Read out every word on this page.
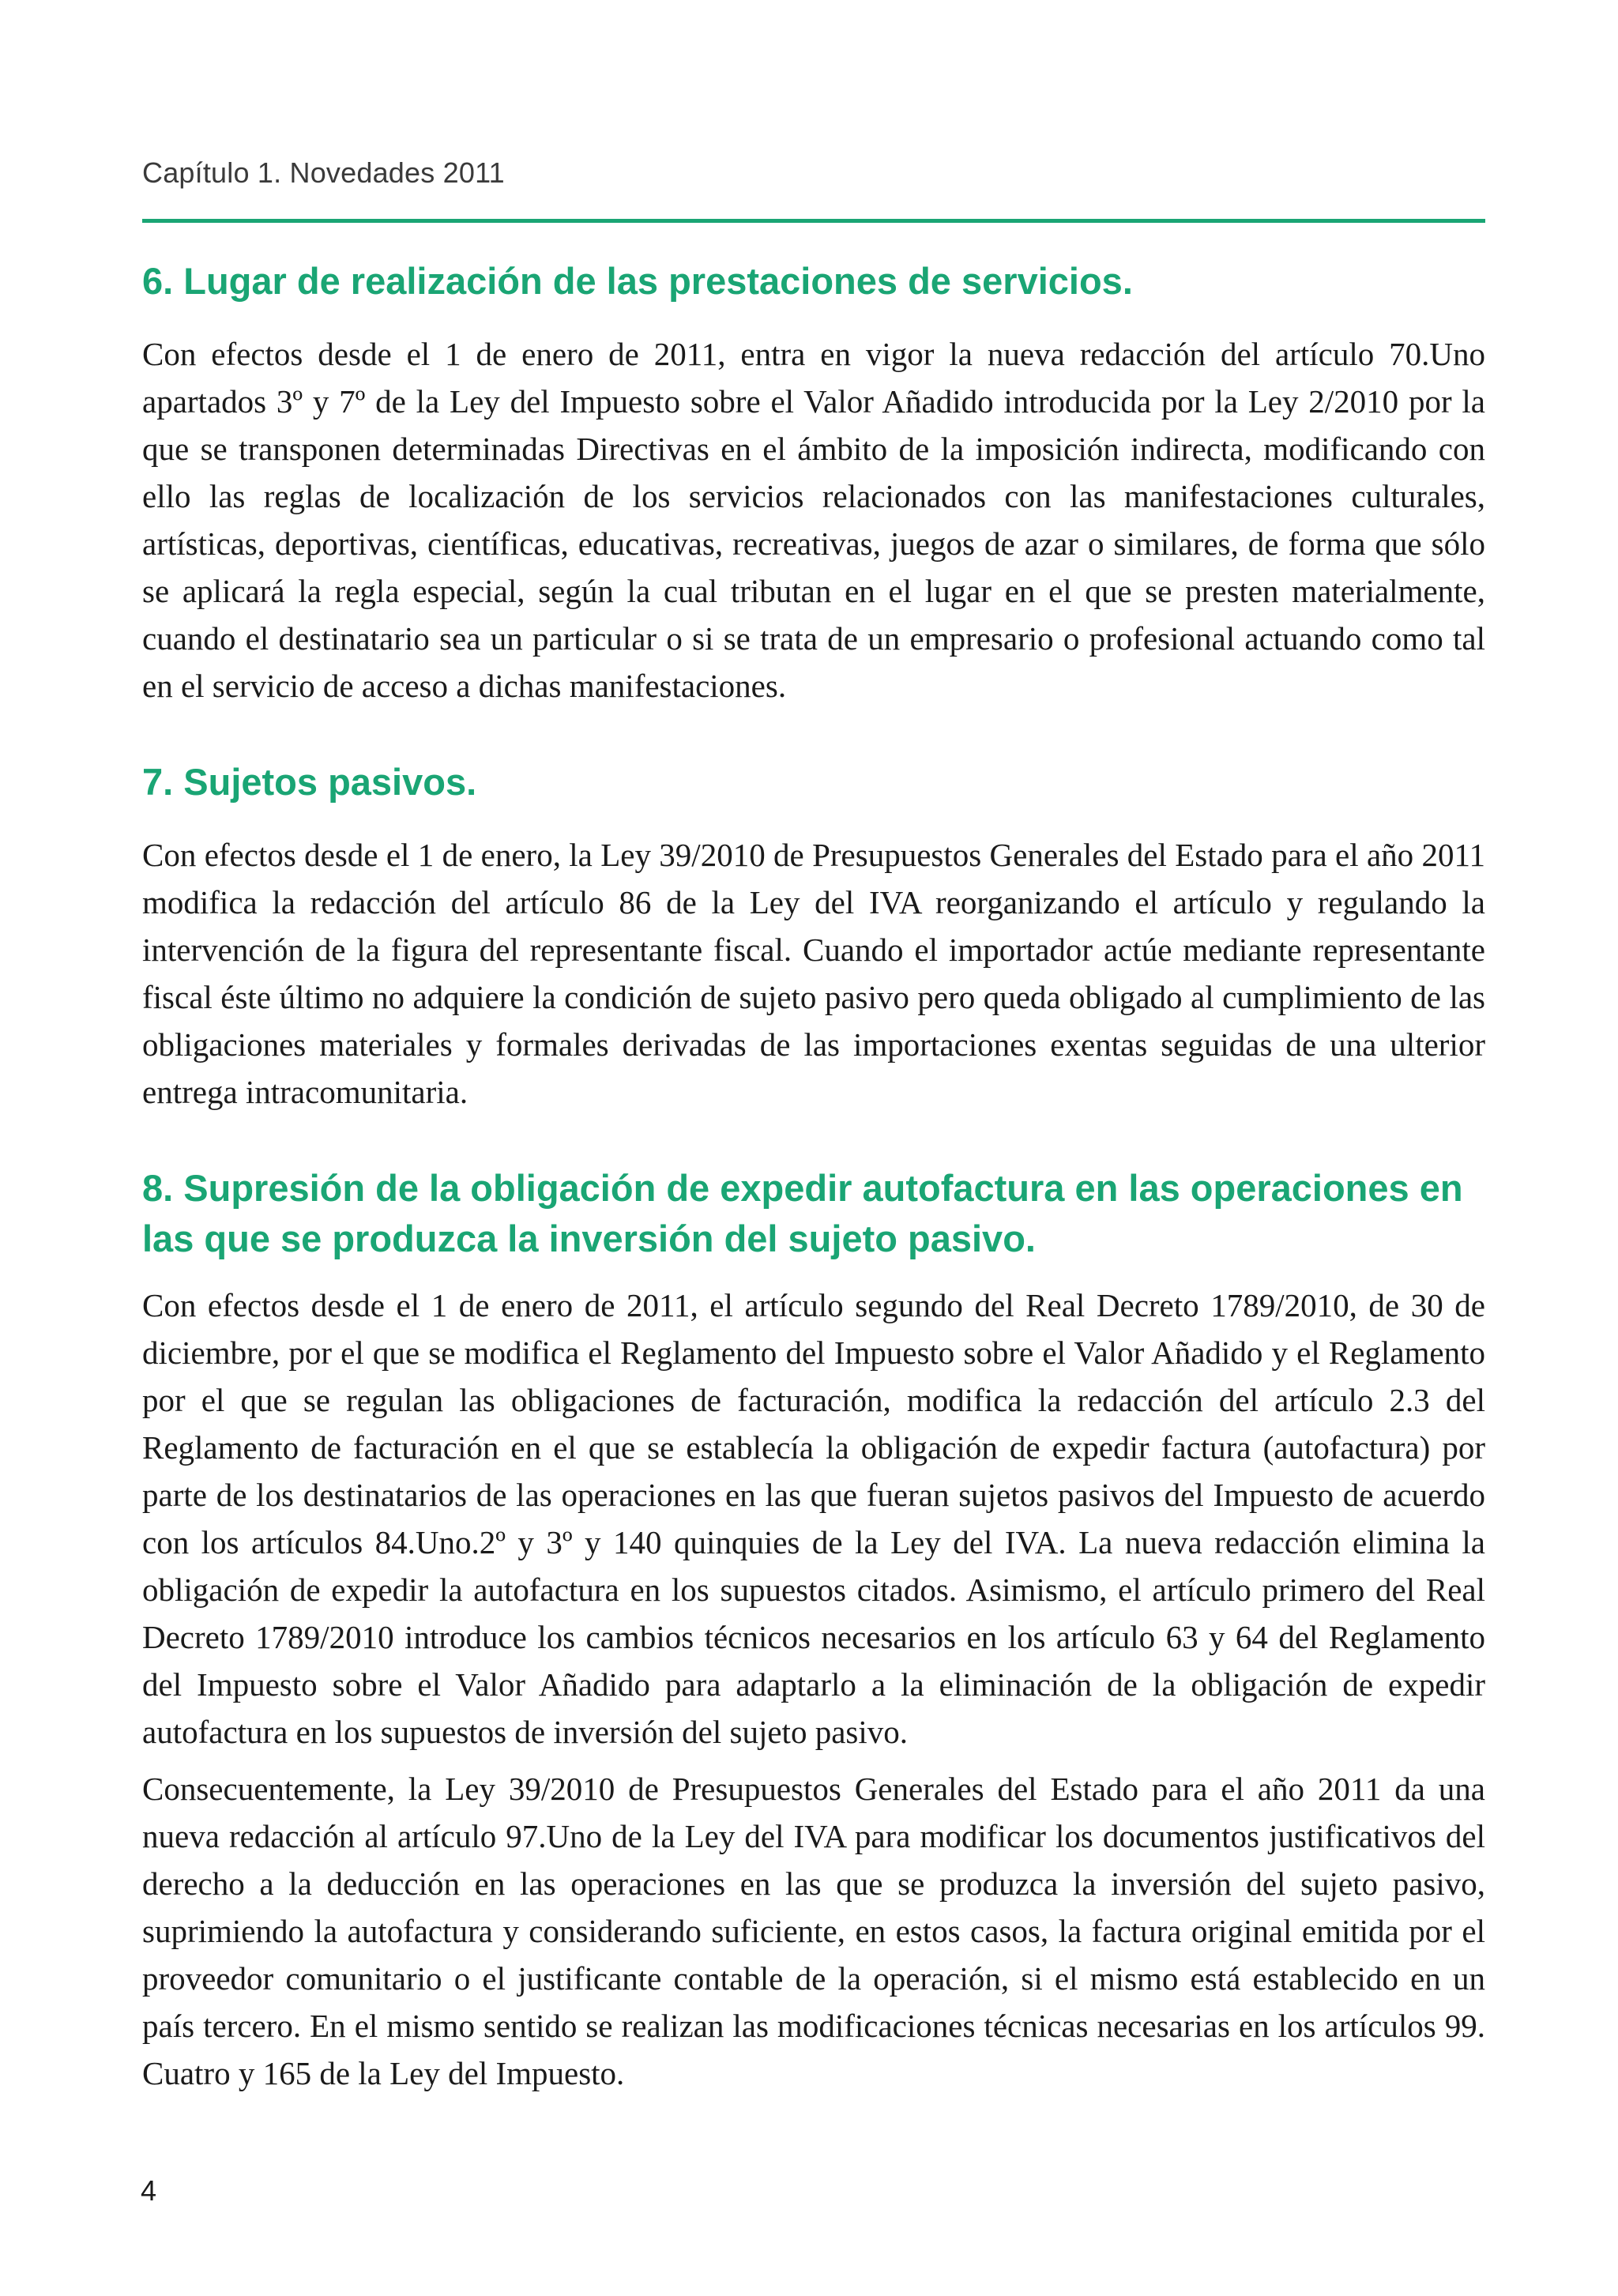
Capítulo 1. Novedades 2011
6. Lugar de realización de las prestaciones de servicios.

Con efectos desde el 1 de enero de 2011, entra en vigor la nueva redacción del artículo 70.Uno apartados 3º y 7º de la Ley del Impuesto sobre el Valor Añadido introducida por la Ley 2/2010 por la que se transponen determinadas Directivas en el ámbito de la imposición indirecta, modificando con ello las reglas de localización de los servicios relacionados con las manifestaciones culturales, artísticas, deportivas, científicas, educativas, recreativas, juegos de azar o similares, de forma que sólo se aplicará la regla especial, según la cual tributan en el lugar en el que se presten materialmente, cuando el destinatario sea un particular o si se trata de un empresario o profesional actuando como tal en el servicio de acceso a dichas manifestaciones.

7. Sujetos pasivos.

Con efectos desde el 1 de enero, la Ley 39/2010 de Presupuestos Generales del Estado para el año 2011 modifica la redacción del artículo 86 de la Ley del IVA reorganizando el artículo y regulando la intervención de la figura del representante fiscal. Cuando el importador actúe mediante representante fiscal éste último no adquiere la condición de sujeto pasivo pero queda obligado al cumplimiento de las obligaciones materiales y formales derivadas de las importaciones exentas seguidas de una ulterior entrega intracomunitaria.

8. Supresión de la obligación de expedir autofactura en las operaciones en las que se produzca la inversión del sujeto pasivo.

Con efectos desde el 1 de enero de 2011, el artículo segundo del Real Decreto 1789/2010, de 30 de diciembre, por el que se modifica el Reglamento del Impuesto sobre el Valor Añadido y el Reglamento por el que se regulan las obligaciones de facturación, modifica la redacción del artículo 2.3 del Reglamento de facturación en el que se establecía la obligación de expedir factura (autofactura) por parte de los destinatarios de las operaciones en las que fueran sujetos pasivos del Impuesto de acuerdo con los artículos 84.Uno.2º y 3º y 140 quinquies de la Ley del IVA. La nueva redacción elimina la obligación de expedir la autofactura en los supuestos citados. Asimismo, el artículo primero del Real Decreto 1789/2010 introduce los cambios técnicos necesarios en los artículo 63 y 64 del Reglamento del Impuesto sobre el Valor Añadido para adaptarlo a la eliminación de la obligación de expedir autofactura en los supuestos de inversión del sujeto pasivo.

Consecuentemente, la Ley 39/2010 de Presupuestos Generales del Estado para el año 2011 da una nueva redacción al artículo 97.Uno de la Ley del IVA para modificar los documentos justificativos del derecho a la deducción en las operaciones en las que se produzca la inversión del sujeto pasivo, suprimiendo la autofactura y considerando suficiente, en estos casos, la factura original emitida por el proveedor comunitario o el justificante contable de la operación, si el mismo está establecido en un país tercero. En el mismo sentido se realizan las modificaciones técnicas necesarias en los artículos 99. Cuatro y 165 de la Ley del Impuesto.

4
